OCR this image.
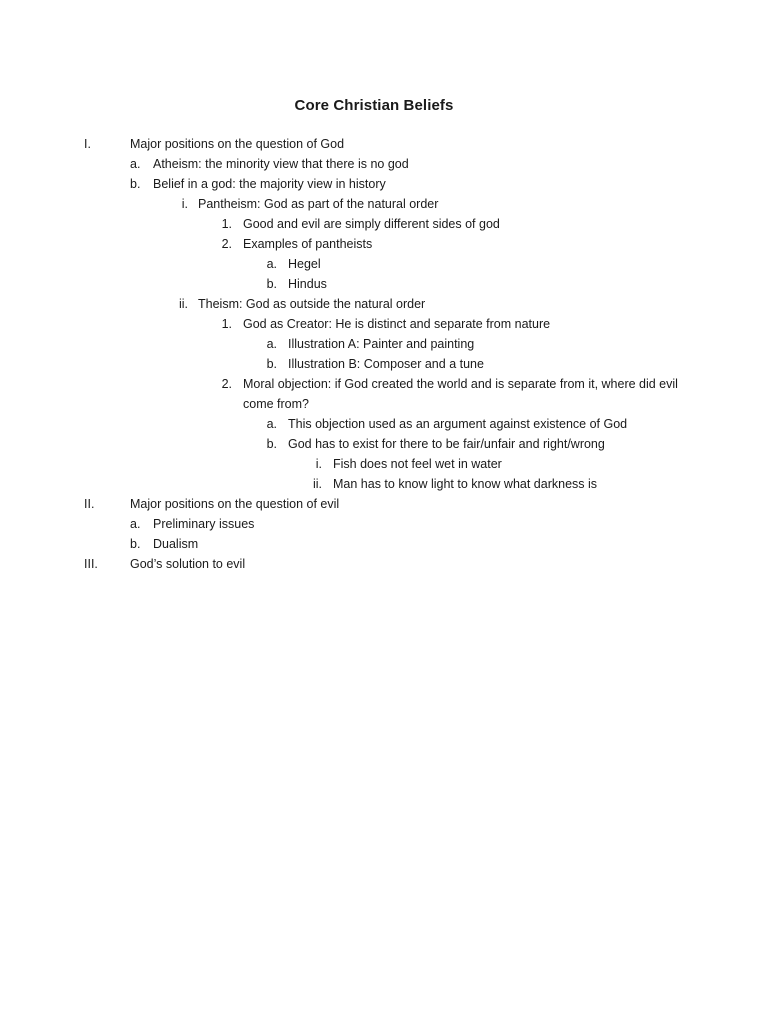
Core Christian Beliefs
I.	Major positions on the question of God
a. Atheism: the minority view that there is no god
b. Belief in a god: the majority view in history
i. Pantheism: God as part of the natural order
1. Good and evil are simply different sides of god
2. Examples of pantheists
a. Hegel
b. Hindus
ii. Theism: God as outside the natural order
1. God as Creator: He is distinct and separate from nature
a. Illustration A: Painter and painting
b. Illustration B: Composer and a tune
2. Moral objection: if God created the world and is separate from it, where did evil come from?
a. This objection used as an argument against existence of God
b. God has to exist for there to be fair/unfair and right/wrong
i. Fish does not feel wet in water
ii. Man has to know light to know what darkness is
II.	Major positions on the question of evil
a. Preliminary issues
b. Dualism
III.	God’s solution to evil
